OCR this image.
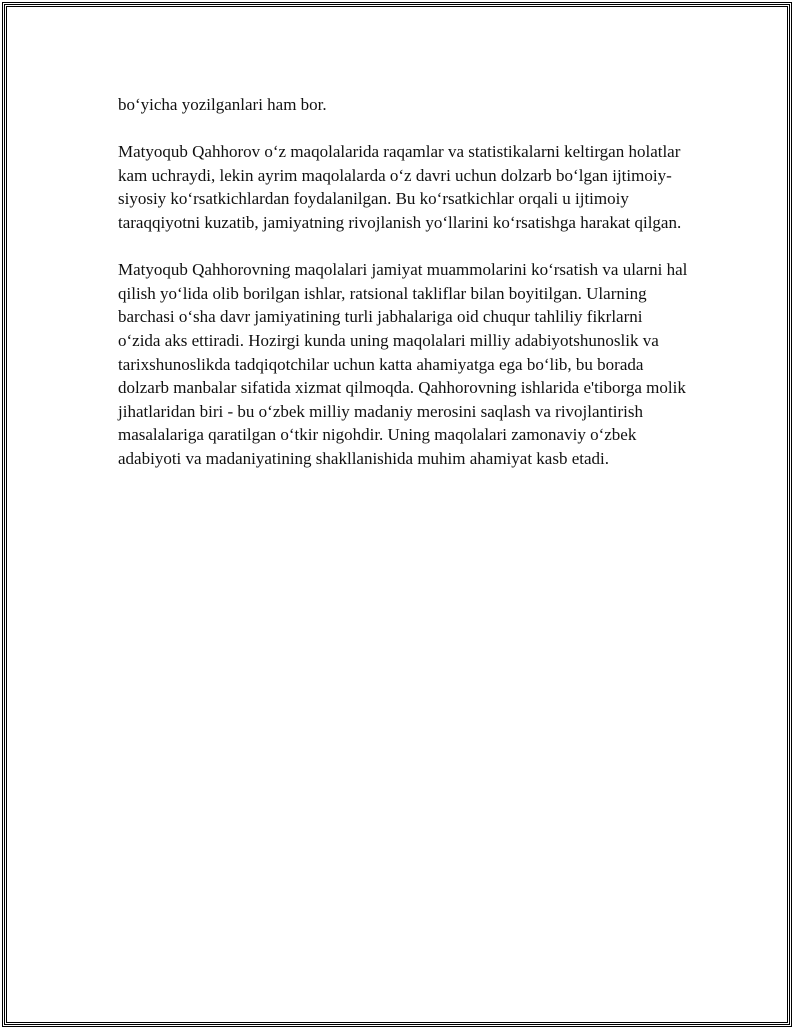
bo‘yicha yozilganlari ham bor.

Matyoqub Qahhorov o‘z maqolalarida raqamlar va statistikalarni keltirgan holatlar kam uchraydi, lekin ayrim maqolalarda o‘z davri uchun dolzarb bo‘lgan ijtimoiy-siyosiy ko‘rsatkichlardan foydalanilgan. Bu ko‘rsatkichlar orqali u ijtimoiy taraqqiyotni kuzatib, jamiyatning rivojlanish yo‘llarini ko‘rsatishga harakat qilgan.

Matyoqub Qahhorovning maqolalari jamiyat muammolarini ko‘rsatish va ularni hal qilish yo‘lida olib borilgan ishlar, ratsional takliflar bilan boyitilgan. Ularning barchasi o‘sha davr jamiyatining turli jabhalariga oid chuqur tahliliy fikrlarni o‘zida aks ettiradi. Hozirgi kunda uning maqolalari milliy adabiyotshunoslik va tarixshunoslikda tadqiqotchilar uchun katta ahamiyatga ega bo‘lib, bu borada dolzarb manbalar sifatida xizmat qilmoqda. Qahhorovning ishlarida e'tiborga molik jihatlaridan biri - bu o‘zbek milliy madaniy merosini saqlash va rivojlantirish masalalariga qaratilgan o‘tkir nigohdir. Uning maqolalari zamonaviy o‘zbek adabiyoti va madaniyatining shakllanishida muhim ahamiyat kasb etadi.
